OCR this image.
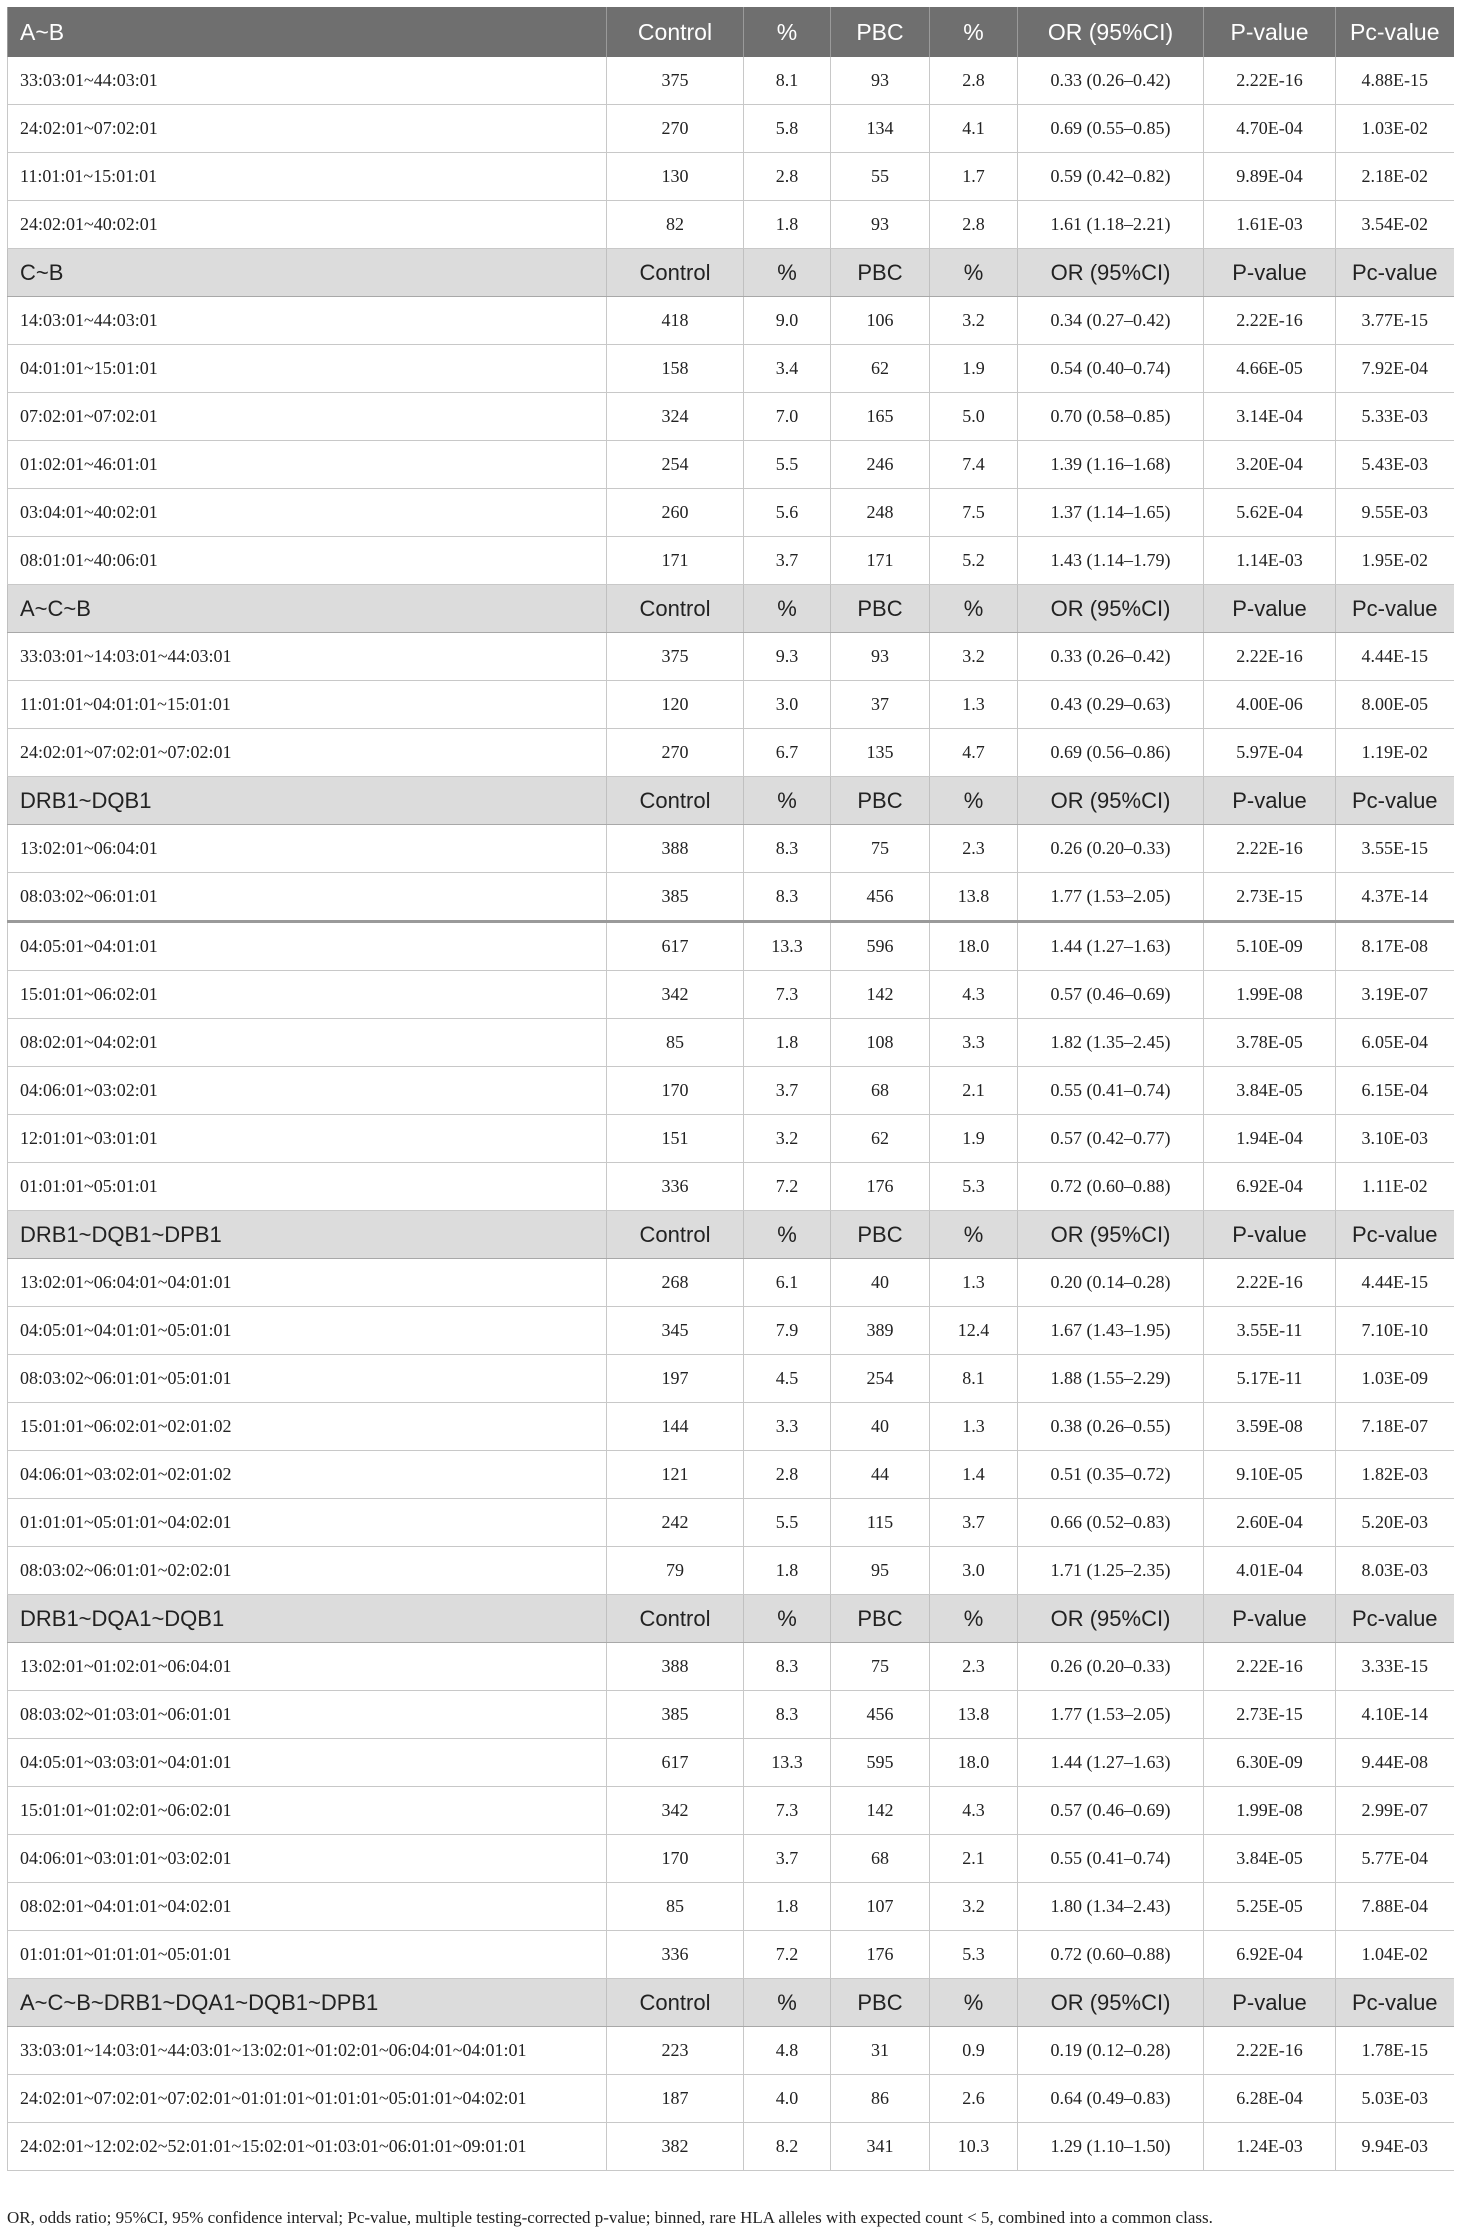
A~B	Control	%	PBC	%	OR (95%CI)	P-value	Pc-value
33:03:01~44:03:01	375	8.1	93	2.8	0.33 (0.26–0.42)	2.22E-16	4.88E-15
24:02:01~07:02:01	270	5.8	134	4.1	0.69 (0.55–0.85)	4.70E-04	1.03E-02
11:01:01~15:01:01	130	2.8	55	1.7	0.59 (0.42–0.82)	9.89E-04	2.18E-02
24:02:01~40:02:01	82	1.8	93	2.8	1.61 (1.18–2.21)	1.61E-03	3.54E-02
C~B	Control	%	PBC	%	OR (95%CI)	P-value	Pc-value
14:03:01~44:03:01	418	9.0	106	3.2	0.34 (0.27–0.42)	2.22E-16	3.77E-15
04:01:01~15:01:01	158	3.4	62	1.9	0.54 (0.40–0.74)	4.66E-05	7.92E-04
07:02:01~07:02:01	324	7.0	165	5.0	0.70 (0.58–0.85)	3.14E-04	5.33E-03
01:02:01~46:01:01	254	5.5	246	7.4	1.39 (1.16–1.68)	3.20E-04	5.43E-03
03:04:01~40:02:01	260	5.6	248	7.5	1.37 (1.14–1.65)	5.62E-04	9.55E-03
08:01:01~40:06:01	171	3.7	171	5.2	1.43 (1.14–1.79)	1.14E-03	1.95E-02
A~C~B	Control	%	PBC	%	OR (95%CI)	P-value	Pc-value
33:03:01~14:03:01~44:03:01	375	9.3	93	3.2	0.33 (0.26–0.42)	2.22E-16	4.44E-15
11:01:01~04:01:01~15:01:01	120	3.0	37	1.3	0.43 (0.29–0.63)	4.00E-06	8.00E-05
24:02:01~07:02:01~07:02:01	270	6.7	135	4.7	0.69 (0.56–0.86)	5.97E-04	1.19E-02
DRB1~DQB1	Control	%	PBC	%	OR (95%CI)	P-value	Pc-value
13:02:01~06:04:01	388	8.3	75	2.3	0.26 (0.20–0.33)	2.22E-16	3.55E-15
08:03:02~06:01:01	385	8.3	456	13.8	1.77 (1.53–2.05)	2.73E-15	4.37E-14
04:05:01~04:01:01	617	13.3	596	18.0	1.44 (1.27–1.63)	5.10E-09	8.17E-08
15:01:01~06:02:01	342	7.3	142	4.3	0.57 (0.46–0.69)	1.99E-08	3.19E-07
08:02:01~04:02:01	85	1.8	108	3.3	1.82 (1.35–2.45)	3.78E-05	6.05E-04
04:06:01~03:02:01	170	3.7	68	2.1	0.55 (0.41–0.74)	3.84E-05	6.15E-04
12:01:01~03:01:01	151	3.2	62	1.9	0.57 (0.42–0.77)	1.94E-04	3.10E-03
01:01:01~05:01:01	336	7.2	176	5.3	0.72 (0.60–0.88)	6.92E-04	1.11E-02
DRB1~DQB1~DPB1	Control	%	PBC	%	OR (95%CI)	P-value	Pc-value
13:02:01~06:04:01~04:01:01	268	6.1	40	1.3	0.20 (0.14–0.28)	2.22E-16	4.44E-15
04:05:01~04:01:01~05:01:01	345	7.9	389	12.4	1.67 (1.43–1.95)	3.55E-11	7.10E-10
08:03:02~06:01:01~05:01:01	197	4.5	254	8.1	1.88 (1.55–2.29)	5.17E-11	1.03E-09
15:01:01~06:02:01~02:01:02	144	3.3	40	1.3	0.38 (0.26–0.55)	3.59E-08	7.18E-07
04:06:01~03:02:01~02:01:02	121	2.8	44	1.4	0.51 (0.35–0.72)	9.10E-05	1.82E-03
01:01:01~05:01:01~04:02:01	242	5.5	115	3.7	0.66 (0.52–0.83)	2.60E-04	5.20E-03
08:03:02~06:01:01~02:02:01	79	1.8	95	3.0	1.71 (1.25–2.35)	4.01E-04	8.03E-03
DRB1~DQA1~DQB1	Control	%	PBC	%	OR (95%CI)	P-value	Pc-value
13:02:01~01:02:01~06:04:01	388	8.3	75	2.3	0.26 (0.20–0.33)	2.22E-16	3.33E-15
08:03:02~01:03:01~06:01:01	385	8.3	456	13.8	1.77 (1.53–2.05)	2.73E-15	4.10E-14
04:05:01~03:03:01~04:01:01	617	13.3	595	18.0	1.44 (1.27–1.63)	6.30E-09	9.44E-08
15:01:01~01:02:01~06:02:01	342	7.3	142	4.3	0.57 (0.46–0.69)	1.99E-08	2.99E-07
04:06:01~03:01:01~03:02:01	170	3.7	68	2.1	0.55 (0.41–0.74)	3.84E-05	5.77E-04
08:02:01~04:01:01~04:02:01	85	1.8	107	3.2	1.80 (1.34–2.43)	5.25E-05	7.88E-04
01:01:01~01:01:01~05:01:01	336	7.2	176	5.3	0.72 (0.60–0.88)	6.92E-04	1.04E-02
A~C~B~DRB1~DQA1~DQB1~DPB1	Control	%	PBC	%	OR (95%CI)	P-value	Pc-value
33:03:01~14:03:01~44:03:01~13:02:01~01:02:01~06:04:01~04:01:01	223	4.8	31	0.9	0.19 (0.12–0.28)	2.22E-16	1.78E-15
24:02:01~07:02:01~07:02:01~01:01:01~01:01:01~05:01:01~04:02:01	187	4.0	86	2.6	0.64 (0.49–0.83)	6.28E-04	5.03E-03
24:02:01~12:02:02~52:01:01~15:02:01~01:03:01~06:01:01~09:01:01	382	8.2	341	10.3	1.29 (1.10–1.50)	1.24E-03	9.94E-03
OR, odds ratio; 95%CI, 95% confidence interval; Pc-value, multiple testing-corrected p-value; binned, rare HLA alleles with expected count < 5, combined into a common class.
